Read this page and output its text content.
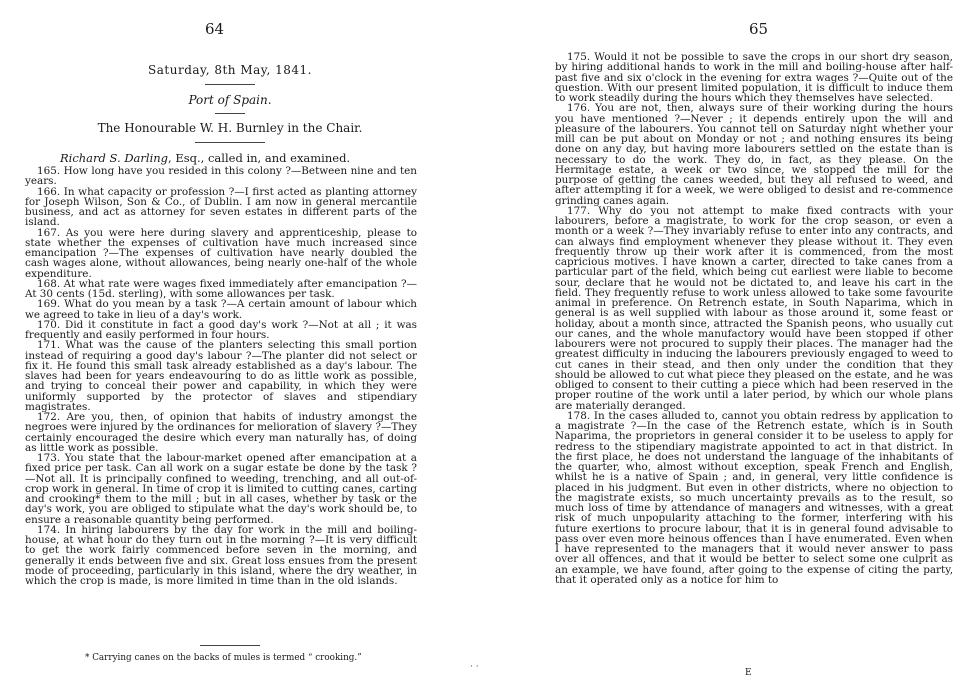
64
Saturday, 8th May, 1841.
Port of Spain.
The Honourable W. H. Burnley in the Chair.
Richard S. Darling, Esq., called in, and examined.

165. How long have you resided in this colony ?—Between nine and ten years.

166. In what capacity or profession ?—I first acted as planting attorney for Joseph Wilson, Son & Co., of Dublin. I am now in general mercantile business, and act as attorney for seven estates in different parts of the island.

167. As you were here during slavery and apprenticeship, please to state whether the expenses of cultivation have much increased since emancipation ?—The expenses of cultivation have nearly doubled the cash wages alone, without allowances, being nearly one-half of the whole expenditure.

168. At what rate were wages fixed immediately after emancipation ?—At 30 cents (15d. sterling), with some allowances per task.

169. What do you mean by a task ?—A certain amount of labour which we agreed to take in lieu of a day's work.

170. Did it constitute in fact a good day's work ?—Not at all ; it was frequently and easily performed in four hours.

171. What was the cause of the planters selecting this small portion instead of requiring a good day's labour ?—The planter did not select or fix it. He found this small task already established as a day's labour. The slaves had been for years endeavouring to do as little work as possible, and trying to conceal their power and capability, in which they were uniformly supported by the protector of slaves and stipendiary magistrates.

172. Are you, then, of opinion that habits of industry amongst the negroes were injured by the ordinances for melioration of slavery ?—They certainly encouraged the desire which every man naturally has, of doing as little work as possible.

173. You state that the labour-market opened after emancipation at a fixed price per task. Can all work on a sugar estate be done by the task ?—Not all. It is principally confined to weeding, trenching, and all out-of-crop work in general. In time of crop it is limited to cutting canes, carting and crooking* them to the mill ; but in all cases, whether by task or the day's work, you are obliged to stipulate what the day's work should be, to ensure a reasonable quantity being performed.

174. In hiring labourers by the day for work in the mill and boiling-house, at what hour do they turn out in the morning ?—It is very difficult to get the work fairly commenced before seven in the morning, and generally it ends between five and six. Great loss ensues from the present mode of proceeding, particularly in this island, where the dry weather, in which the crop is made, is more limited in time than in the old islands.

* Carrying canes on the backs of mules is termed “ crooking.”
· ·
65

175. Would it not be possible to save the crops in our short dry season, by hiring additional hands to work in the mill and boiling-house after half-past five and six o'clock in the evening for extra wages ?—Quite out of the question. With our present limited population, it is difficult to induce them to work steadily during the hours which they themselves have selected.

176. You are not, then, always sure of their working during the hours you have mentioned ?—Never ; it depends entirely upon the will and pleasure of the labourers. You cannot tell on Saturday night whether your mill can be put about on Monday or not ; and nothing ensures its being done on any day, but having more labourers settled on the estate than is necessary to do the work. They do, in fact, as they please. On the Hermitage estate, a week or two since, we stopped the mill for the purpose of getting the canes weeded, but they all refused to weed, and after attempting it for a week, we were obliged to desist and re-commence grinding canes again.

177. Why do you not attempt to make fixed contracts with your labourers, before a magistrate, to work for the crop season, or even a month or a week ?—They invariably refuse to enter into any contracts, and can always find employment whenever they please without it. They even frequently throw up their work after it is commenced, from the most capricious motives. I have known a carter, directed to take canes from a particular part of the field, which being cut earliest were liable to become sour, declare that he would not be dictated to, and leave his cart in the field. They frequently refuse to work unless allowed to take some favourite animal in preference. On Retrench estate, in South Naparima, which in general is as well supplied with labour as those around it, some feast or holiday, about a month since, attracted the Spanish peons, who usually cut our canes, and the whole manufactory would have been stopped if other labourers were not procured to supply their places. The manager had the greatest difficulty in inducing the labourers previously engaged to weed to cut canes in their stead, and then only under the condition that they should be allowed to cut what piece they pleased on the estate, and he was obliged to consent to their cutting a piece which had been reserved in the proper routine of the work until a later period, by which our whole plans are materially deranged.

178. In the cases alluded to, cannot you obtain redress by application to a magistrate ?—In the case of the Retrench estate, which is in South Naparima, the proprietors in general consider it to be useless to apply for redress to the stipendiary magistrate appointed to act in that district. In the first place, he does not understand the language of the inhabitants of the quarter, who, almost without exception, speak French and English, whilst he is a native of Spain ; and, in general, very little confidence is placed in his judgment. But even in other districts, where no objection to the magistrate exists, so much uncertainty prevails as to the result, so much loss of time by attendance of managers and witnesses, with a great risk of much unpopularity attaching to the former, interfering with his future exertions to procure labour, that it is in general found advisable to pass over even more heinous offences than I have enumerated. Even when I have represented to the managers that it would never answer to pass over all offences, and that it would be better to select some one culprit as an example, we have found, after going to the expense of citing the party, that it operated only as a notice for him to

E
